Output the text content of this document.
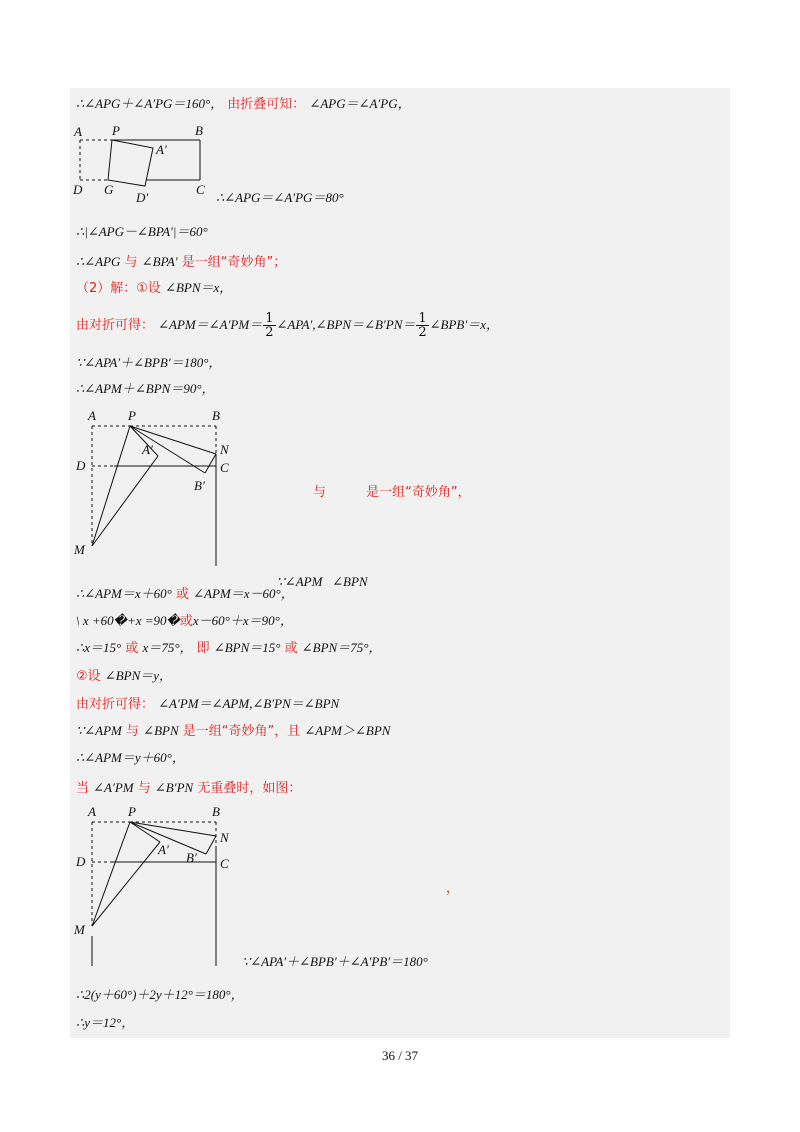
∴∠APG＋∠A′PG＝160°， 由折叠可知： ∠APG＝∠A′PG，
A P	B
A′
D G
D′
C
∴∠APG＝∠A′PG＝80°
∴|∠APG－∠BPA′|＝60°
∴∠APG 与 ∠BPA′ 是一组“奇妙角”；
（2）解：①设 ∠BPN＝x，
由对折可得： ∠APM＝∠A′PM＝ $\frac{1}{2}$ ∠APA′,∠BPN＝∠B′PN＝ $\frac{1}{2}$ ∠BPB′＝x，
∵∠APA′＋∠BPB′＝180°，
∴∠APM＋∠BPN＝90°，
A P	B
N
A′
D	C
B′
M
与	是一组“奇妙角”，

∵∠APM   ∠BPN

∴∠APM＝x＋60° 或 ∠APM＝x－60°，
\ x +60�+x =90�或x－60°＋x＝90°，
∴x＝15° 或 x＝75°， 即 ∠BPN＝15° 或 ∠BPN＝75°，
②设 ∠BPN＝y，
由对折可得： ∠A′PM＝∠APM,∠B′PN＝∠BPN
∵∠APM 与 ∠BPN 是一组“奇妙角”，且 ∠APM＞∠BPN
∴∠APM＝y＋60°，
当 ∠A′PM 与 ∠B′PN 无重叠时，如图：
A P	B
N
A′
B′
D	C
M
，
∵∠APA′＋∠BPB′＋∠A′PB′＝180°
∴2(y＋60°)＋2y＋12°＝180°，
∴y＝12°，
36 / 37
